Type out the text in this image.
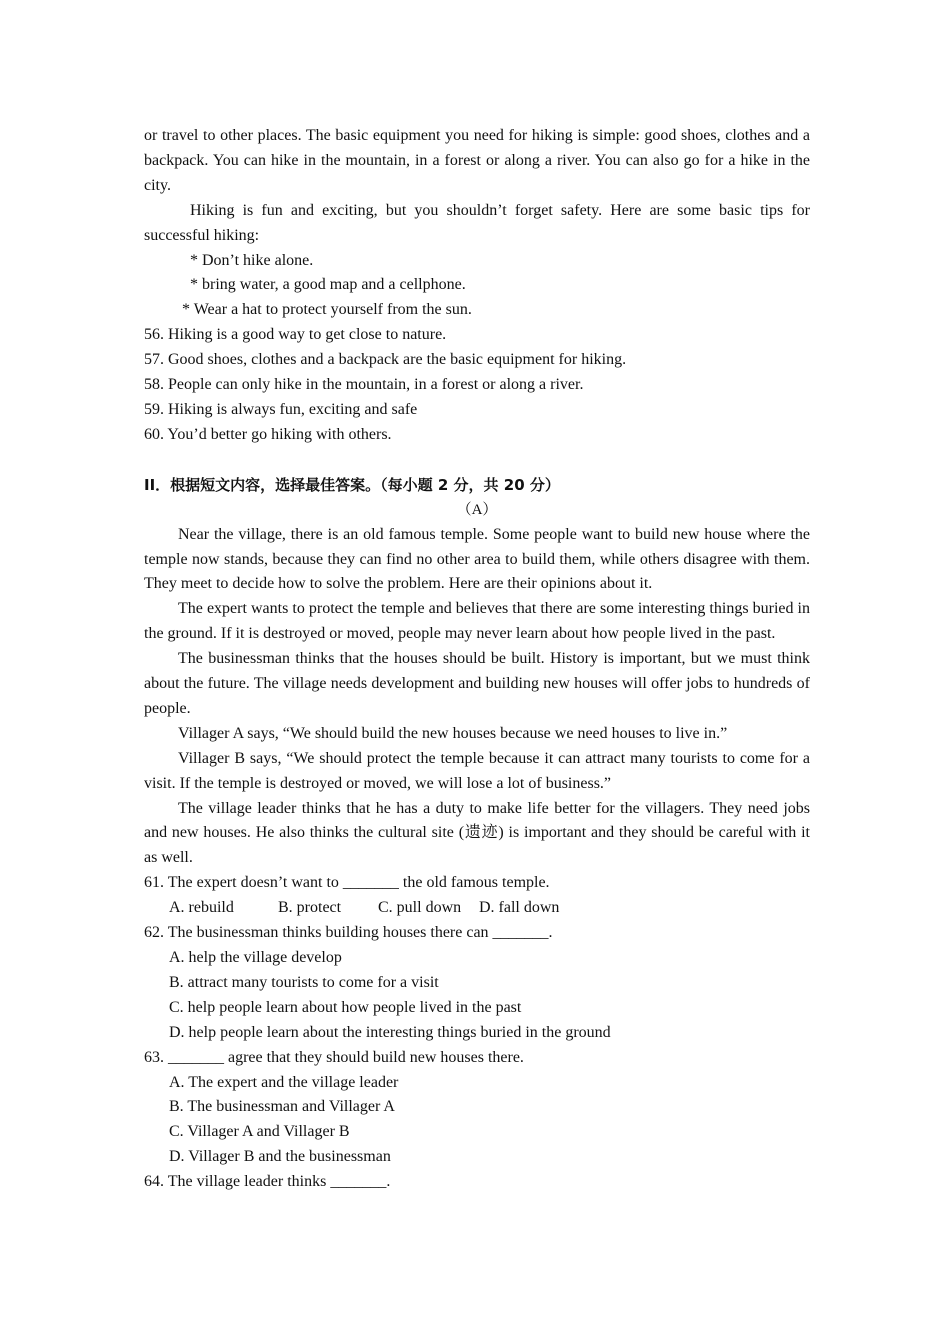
or travel to other places. The basic equipment you need for hiking is simple: good shoes, clothes and a backpack. You can hike in the mountain, in a forest or along a river. You can also go for a hike in the city.

Hiking is fun and exciting, but you shouldn’t forget safety. Here are some basic tips for successful hiking:

* Don’t hike alone.

* bring water, a good map and a cellphone.

* Wear a hat to protect yourself from the sun.

56. Hiking is a good way to get close to nature.

57. Good shoes, clothes and a backpack are the basic equipment for hiking.

58. People can only hike in the mountain, in a forest or along a river.

59. Hiking is always fun, exciting and safe

60. You’d better go hiking with others.

II．根据短文内容，选择最佳答案。（每小题 2 分，共 20 分）

（A）

Near the village, there is an old famous temple. Some people want to build new house where the temple now stands, because they can find no other area to build them, while others disagree with them. They meet to decide how to solve the problem. Here are their opinions about it.

The expert wants to protect the temple and believes that there are some interesting things buried in the ground. If it is destroyed or moved, people may never learn about how people lived in the past.

The businessman thinks that the houses should be built. History is important, but we must think about the future. The village needs development and building new houses will offer jobs to hundreds of people.

Villager A says, “We should build the new houses because we need houses to live in.”

Villager B says, “We should protect the temple because it can attract many tourists to come for a visit. If the temple is destroyed or moved, we will lose a lot of business.”

The village leader thinks that he has a duty to make life better for the villagers. They need jobs and new houses. He also thinks the cultural site (遗迹) is important and they should be careful with it as well.

61. The expert doesn’t want to _______ the old famous temple.

A. rebuild	B. protect C. pull down D. fall down

62. The businessman thinks building houses there can _______.

A. help the village develop

B. attract many tourists to come for a visit

C. help people learn about how people lived in the past

D. help people learn about the interesting things buried in the ground

63. _______ agree that they should build new houses there.

A. The expert and the village leader

B. The businessman and Villager A

C. Villager A and Villager B

D. Villager B and the businessman

64. The village leader thinks _______.
